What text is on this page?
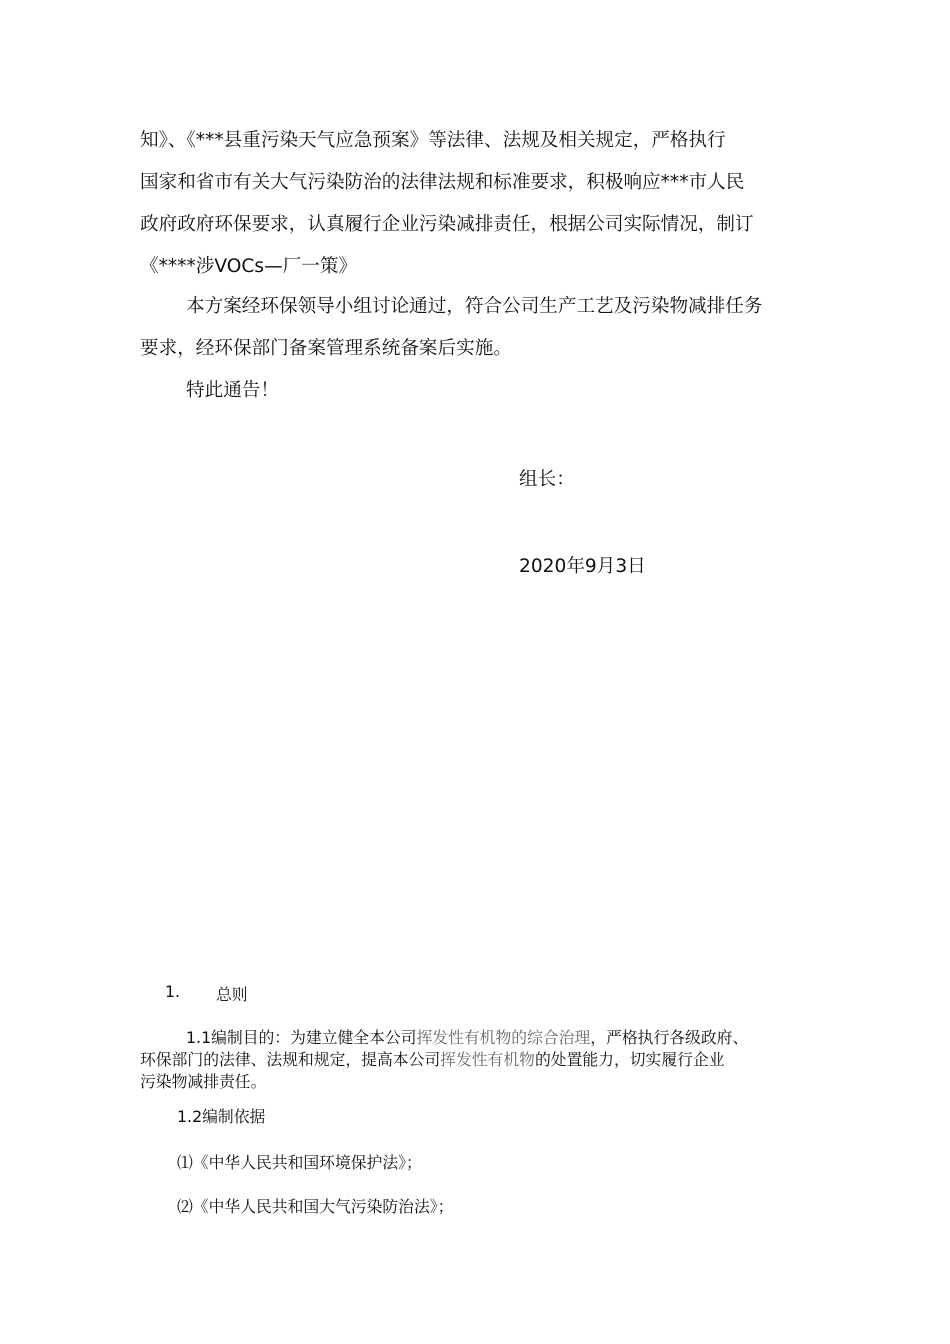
知》、《***县重污染天气应急预案》等法律、法规及相关规定，严格执行
国家和省市有关大气污染防治的法律法规和标准要求，积极响应***市人民
政府政府环保要求，认真履行企业污染减排责任，根据公司实际情况，制订
《****涉VOCs—厂一策》
本方案经环保领导小组讨论通过，符合公司生产工艺及污染物减排任务
要求，经环保部门备案管理系统备案后实施。
特此通告！
组长：
2020年9月3日
1. 总则
1.1编制目的：为建立健全本公司挥发性有机物的综合治理，严格执行各级政府、
环保部门的法律、法规和规定，提高本公司挥发性有机物的处置能力，切实履行企业
污染物减排责任。
1.2编制依据
⑴《中华人民共和国环境保护法》；
⑵《中华人民共和国大气污染防治法》；
